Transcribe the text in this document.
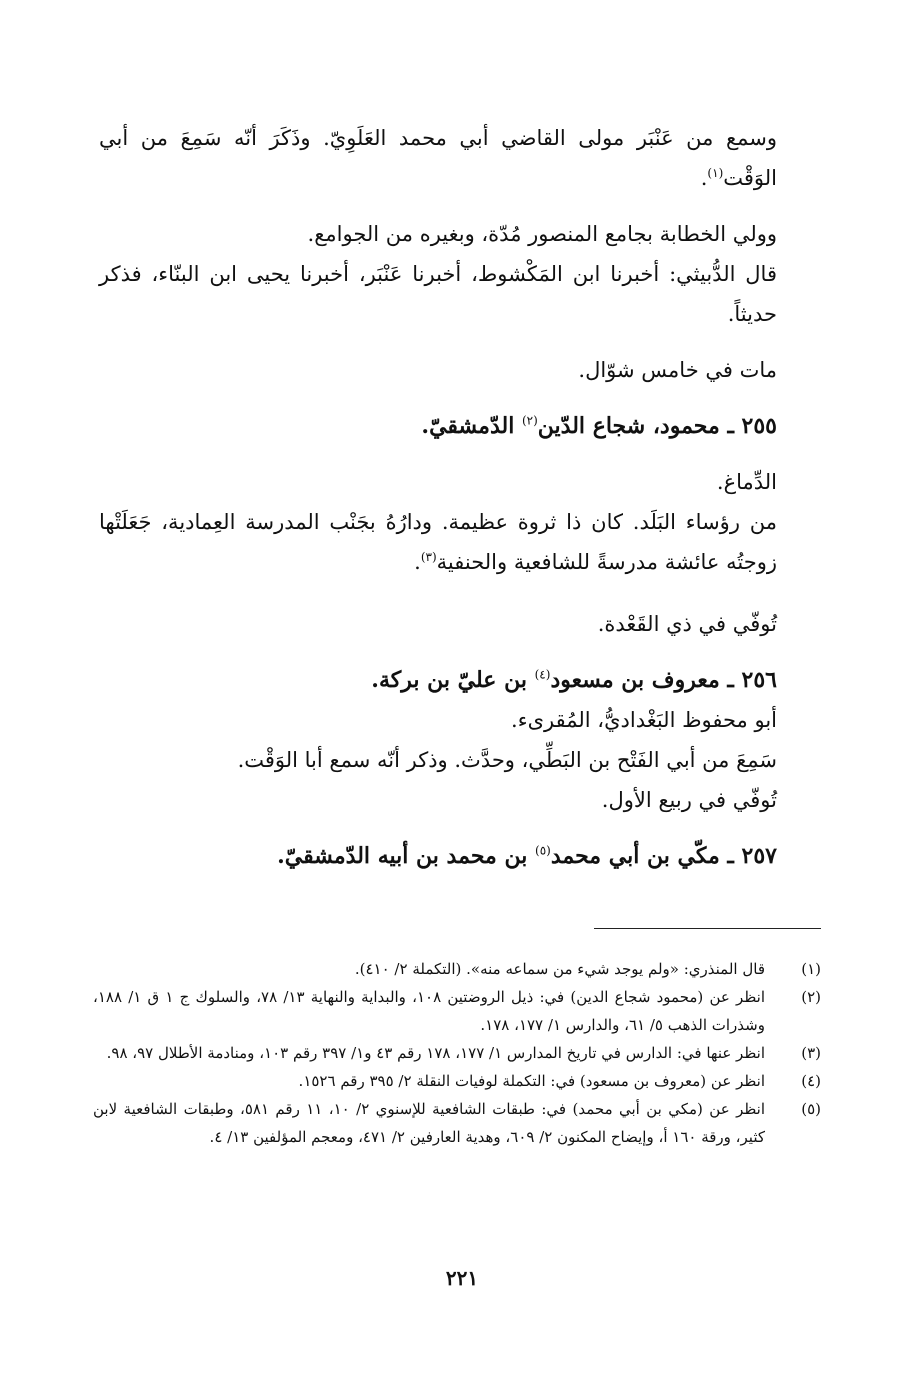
وسمع من عَنْبَر مولى القاضي أبي محمد العَلَوِيّ. وذَكَرَ أنّه سَمِعَ من أبي الوَقْت$^{(١)}$.

وولي الخطابة بجامع المنصور مُدّة، وبغيره من الجوامع.

قال الدُّبيثي: أخبرنا ابن المَكْشوط، أخبرنا عَنْبَر، أخبرنا يحيى ابن البنّاء، فذكر حديثاً.

مات في خامس شوّال.

٢٥٥ ـ محمود، شجاع الدّين$^{(٢)}$ الدّمشقيّ.

الدِّماغ.

من رؤساء البَلَد. كان ذا ثروة عظيمة. ودارُهُ بجَنْب المدرسة العِمادية، جَعَلَتْها زوجتُه عائشة مدرسةً للشافعية والحنفية$^{(٣)}$.

تُوفّي في ذي القَعْدة.

٢٥٦ ـ معروف بن مسعود$^{(٤)}$ بن عليّ بن بركة.

أبو محفوظ البَغْداديُّ، المُقرىء.

سَمِعَ من أبي الفَتْح بن البَطِّي، وحدَّث. وذكر أنّه سمع أبا الوَقْت.

تُوفّي في ربيع الأول.

٢٥٧ ـ مكّي بن أبي محمد$^{(٥)}$ بن محمد بن أبيه الدّمشقيّ.

(١)
قال المنذري: «ولم يوجد شيء من سماعه منه». (التكملة ٢/ ٤١٠).
(٢)
انظر عن (محمود شجاع الدين) في: ذيل الروضتين ١٠٨، والبداية والنهاية ١٣/ ٧٨، والسلوك ج ١ ق ١/ ١٨٨، وشذرات الذهب ٥/ ٦١، والدارس ١/ ١٧٧، ١٧٨.
(٣)
انظر عنها في: الدارس في تاريخ المدارس ١/ ١٧٧، ١٧٨ رقم ٤٣ و١/ ٣٩٧ رقم ١٠٣، ومنادمة الأطلال ٩٧، ٩٨.
(٤)
انظر عن (معروف بن مسعود) في: التكملة لوفيات النقلة ٢/ ٣٩٥ رقم ١٥٢٦.
(٥)
انظر عن (مكي بن أبي محمد) في: طبقات الشافعية للإسنوي ٢/ ١٠، ١١ رقم ٥٨١، وطبقات الشافعية لابن كثير، ورقة ١٦٠ أ، وإيضاح المكنون ٢/ ٦٠٩، وهدية العارفين ٢/ ٤٧١، ومعجم المؤلفين ١٣/ ٤.
٢٢١
